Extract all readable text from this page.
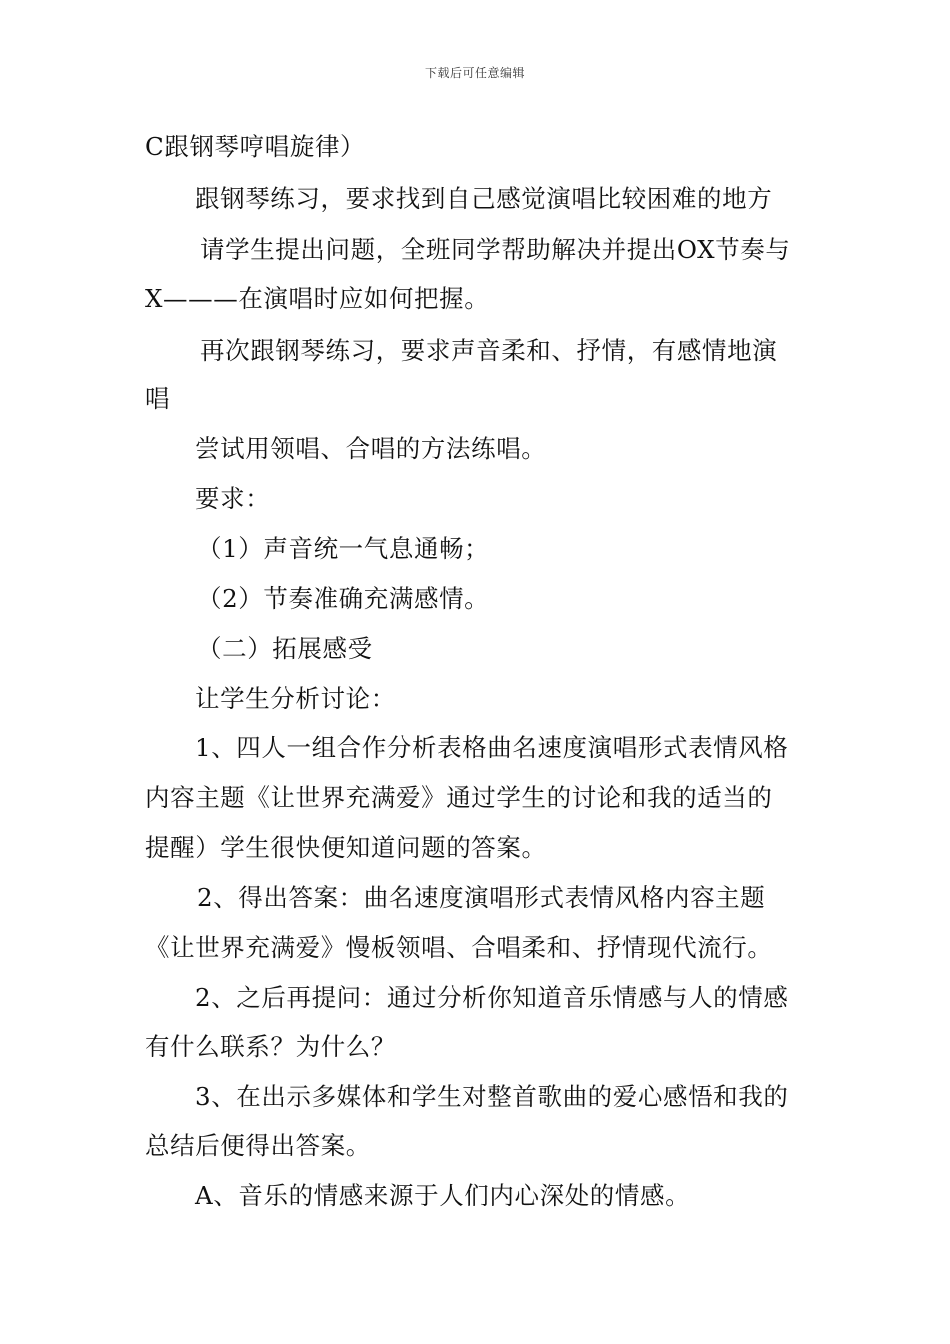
下载后可任意编辑
C跟钢琴哼唱旋律）
跟钢琴练习，要求找到自己感觉演唱比较困难的地方
请学生提出问题，全班同学帮助解决并提出OX节奏与
X———在演唱时应如何把握。
再次跟钢琴练习，要求声音柔和、抒情，有感情地演
唱
尝试用领唱、合唱的方法练唱。
要求：
（1）声音统一气息通畅；
（2）节奏准确充满感情。
（二）拓展感受
让学生分析讨论：
1、四人一组合作分析表格曲名速度演唱形式表情风格
内容主题《让世界充满爱》通过学生的讨论和我的适当的
提醒）学生很快便知道问题的答案。
2、得出答案：曲名速度演唱形式表情风格内容主题
《让世界充满爱》慢板领唱、合唱柔和、抒情现代流行。
2、之后再提问：通过分析你知道音乐情感与人的情感
有什么联系？为什么？
3、在出示多媒体和学生对整首歌曲的爱心感悟和我的
总结后便得出答案。
A、音乐的情感来源于人们内心深处的情感。
